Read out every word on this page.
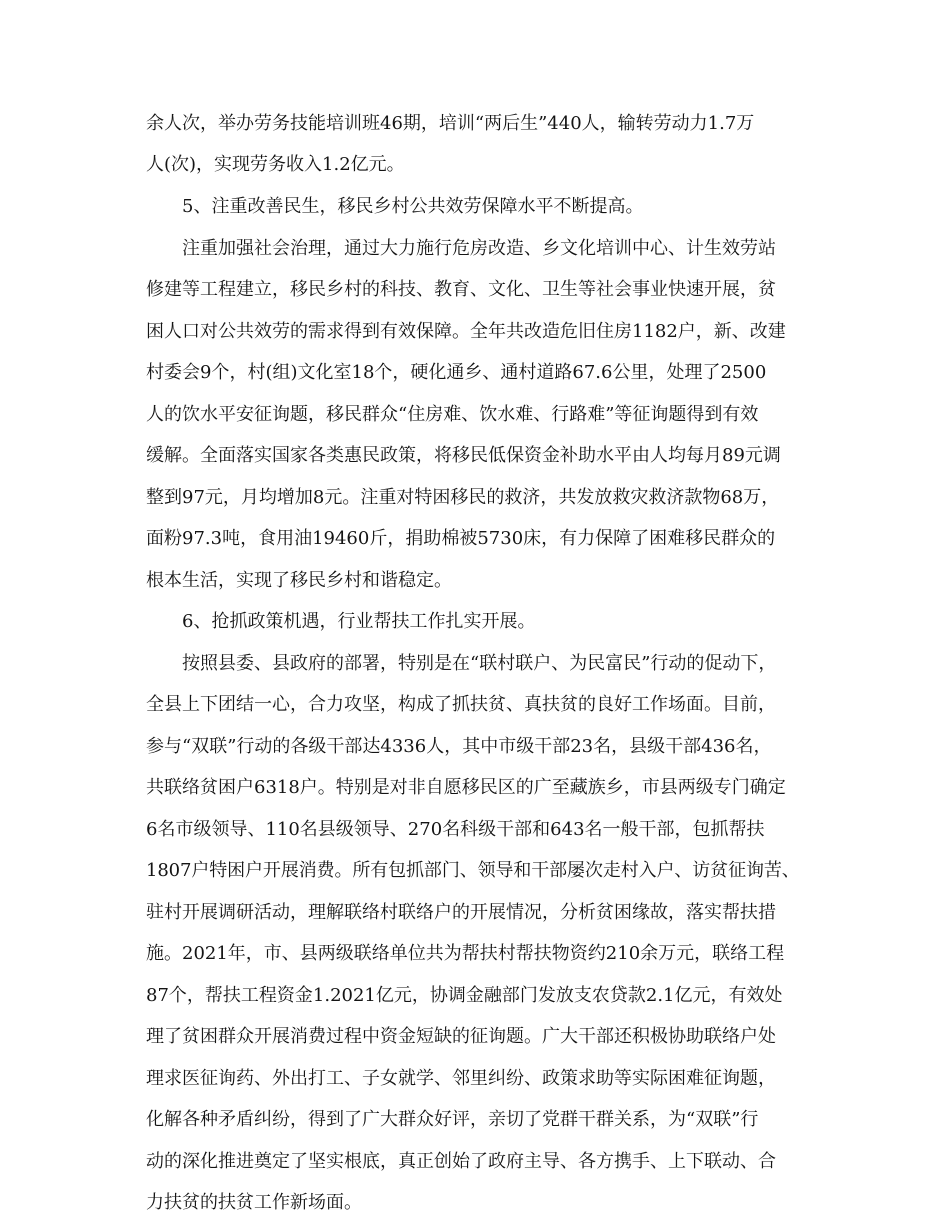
余人次，举办劳务技能培训班46期，培训“两后生”440人，输转劳动力1.7万
人(次)，实现劳务收入1.2亿元。
5、注重改善民生，移民乡村公共效劳保障水平不断提高。
注重加强社会治理，通过大力施行危房改造、乡文化培训中心、计生效劳站
修建等工程建立，移民乡村的科技、教育、文化、卫生等社会事业快速开展，贫
困人口对公共效劳的需求得到有效保障。全年共改造危旧住房1182户，新、改建
村委会9个，村(组)文化室18个，硬化通乡、通村道路67.6公里，处理了2500
人的饮水平安征询题，移民群众“住房难、饮水难、行路难”等征询题得到有效
缓解。全面落实国家各类惠民政策，将移民低保资金补助水平由人均每月89元调
整到97元，月均增加8元。注重对特困移民的救济，共发放救灾救济款物68万，
面粉97.3吨，食用油19460斤，捐助棉被5730床，有力保障了困难移民群众的
根本生活，实现了移民乡村和谐稳定。
6、抢抓政策机遇，行业帮扶工作扎实开展。
按照县委、县政府的部署，特别是在“联村联户、为民富民”行动的促动下，
全县上下团结一心，合力攻坚，构成了抓扶贫、真扶贫的良好工作场面。目前，
参与“双联”行动的各级干部达4336人，其中市级干部23名，县级干部436名，
共联络贫困户6318户。特别是对非自愿移民区的广至藏族乡，市县两级专门确定
6名市级领导、110名县级领导、270名科级干部和643名一般干部，包抓帮扶
1807户特困户开展消费。所有包抓部门、领导和干部屡次走村入户、访贫征询苦、
驻村开展调研活动，理解联络村联络户的开展情况，分析贫困缘故，落实帮扶措
施。2021年，市、县两级联络单位共为帮扶村帮扶物资约210余万元，联络工程
87个，帮扶工程资金1.2021亿元，协调金融部门发放支农贷款2.1亿元，有效处
理了贫困群众开展消费过程中资金短缺的征询题。广大干部还积极协助联络户处
理求医征询药、外出打工、子女就学、邻里纠纷、政策求助等实际困难征询题，
化解各种矛盾纠纷，得到了广大群众好评，亲切了党群干群关系，为“双联”行
动的深化推进奠定了坚实根底，真正创始了政府主导、各方携手、上下联动、合
力扶贫的扶贫工作新场面。
